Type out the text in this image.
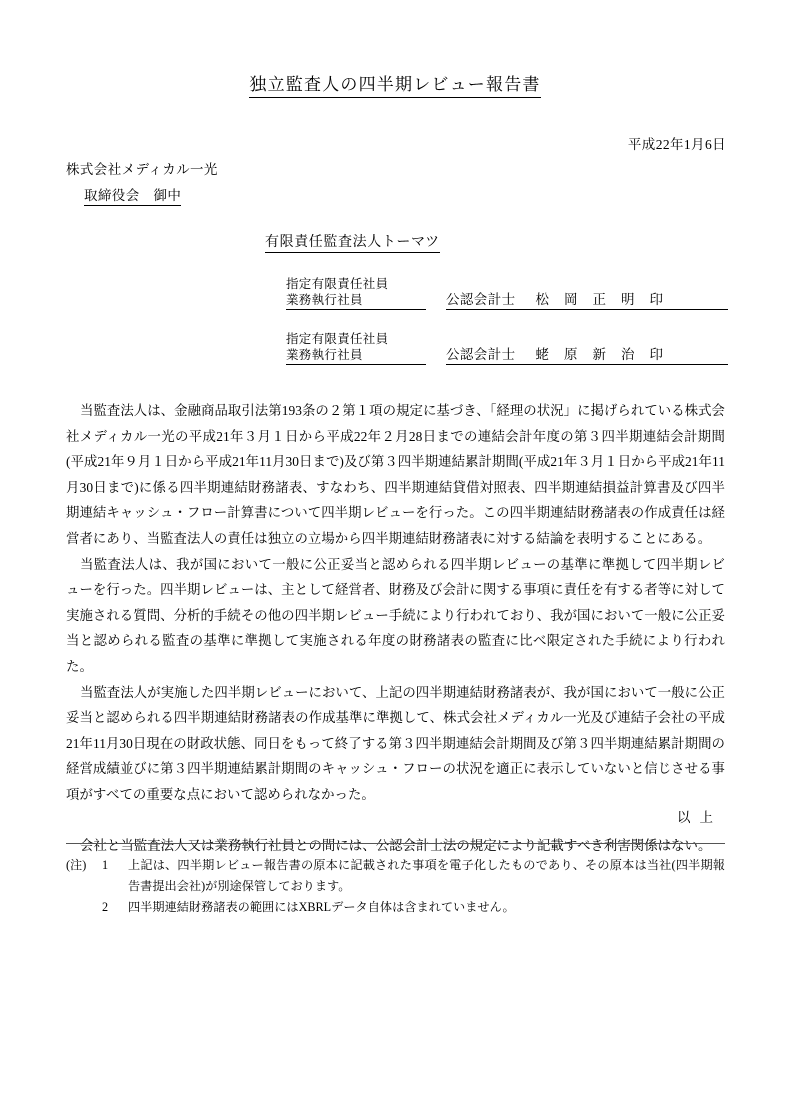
独立監査人の四半期レビュー報告書
平成22年1月6日
株式会社メディカル一光
取締役会　御中
有限責任監査法人トーマツ
指定有限責任社員
業務執行社員	公認会計士 松岡正明印
指定有限責任社員
業務執行社員	公認会計士 蛯原新治印

当監査法人は、金融商品取引法第193条の２第１項の規定に基づき、「経理の状況」に掲げられている株式会社メディカル一光の平成21年３月１日から平成22年２月28日までの連結会計年度の第３四半期連結会計期間(平成21年９月１日から平成21年11月30日まで)及び第３四半期連結累計期間(平成21年３月１日から平成21年11月30日まで)に係る四半期連結財務諸表、すなわち、四半期連結貸借対照表、四半期連結損益計算書及び四半期連結キャッシュ・フロー計算書について四半期レビューを行った。この四半期連結財務諸表の作成責任は経営者にあり、当監査法人の責任は独立の立場から四半期連結財務諸表に対する結論を表明することにある。

当監査法人は、我が国において一般に公正妥当と認められる四半期レビューの基準に準拠して四半期レビューを行った。四半期レビューは、主として経営者、財務及び会計に関する事項に責任を有する者等に対して実施される質問、分析的手続その他の四半期レビュー手続により行われており、我が国において一般に公正妥当と認められる監査の基準に準拠して実施される年度の財務諸表の監査に比べ限定された手続により行われた。

当監査法人が実施した四半期レビューにおいて、上記の四半期連結財務諸表が、我が国において一般に公正妥当と認められる四半期連結財務諸表の作成基準に準拠して、株式会社メディカル一光及び連結子会社の平成21年11月30日現在の財政状態、同日をもって終了する第３四半期連結会計期間及び第３四半期連結累計期間の経営成績並びに第３四半期連結累計期間のキャッシュ・フローの状況を適正に表示していないと信じさせる事項がすべての重要な点において認められなかった。

会社と当監査法人又は業務執行社員との間には、公認会計士法の規定により記載すべき利害関係はない。

以上
(注)	1	上記は、四半期レビュー報告書の原本に記載された事項を電子化したものであり、その原本は当社(四半期報告書提出会社)が別途保管しております。
2	四半期連結財務諸表の範囲にはXBRLデータ自体は含まれていません。
